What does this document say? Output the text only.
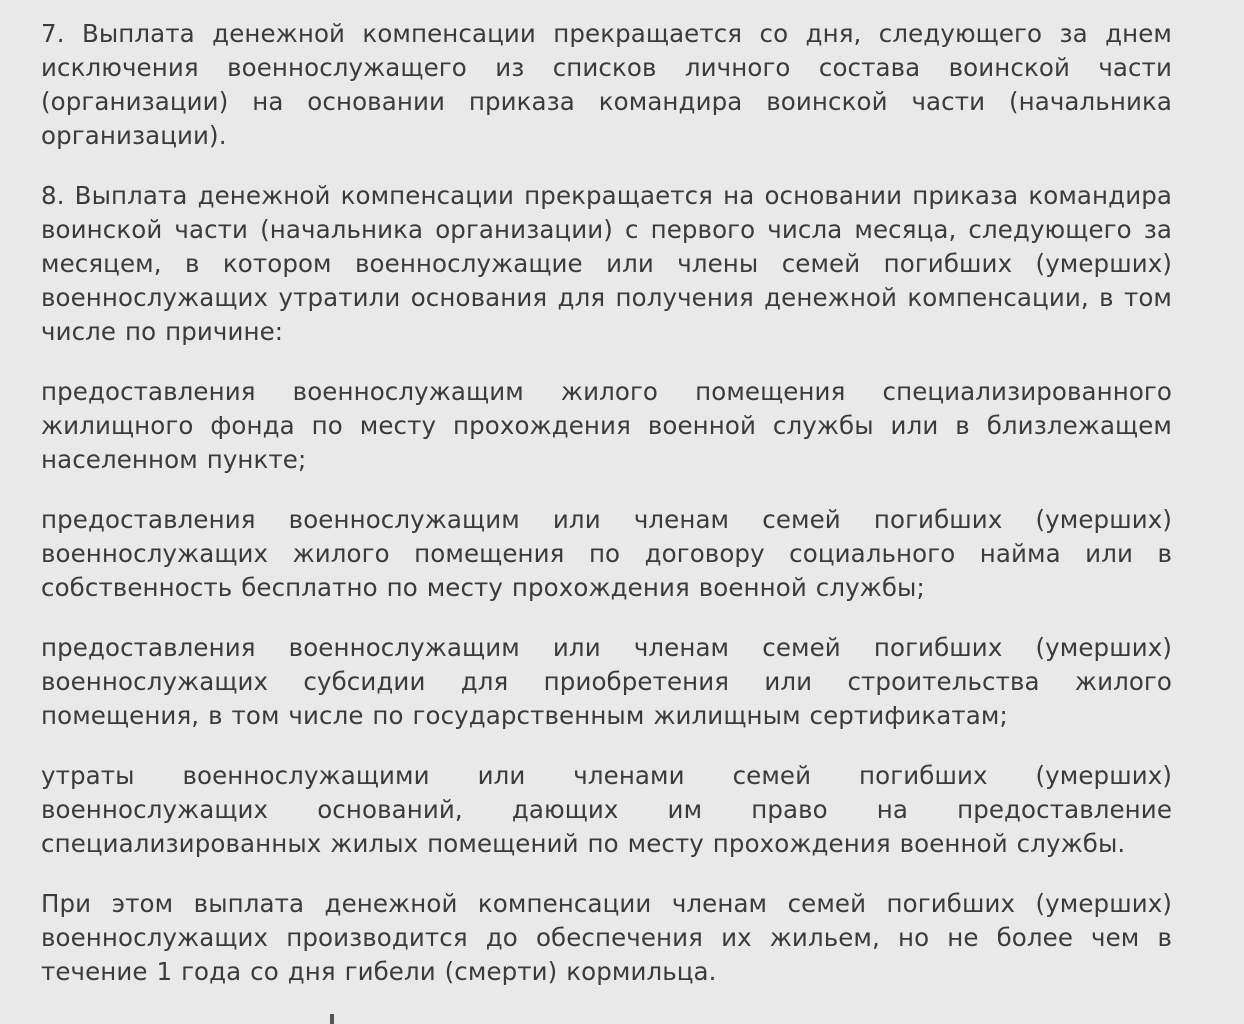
7. Выплата денежной компенсации прекращается со дня, следующего за днем исключения военнослужащего из списков личного состава воинской части (организации) на основании приказа командира воинской части (начальника организации).

8. Выплата денежной компенсации прекращается на основании приказа командира воинской части (начальника организации) с первого числа месяца, следующего за месяцем, в котором военнослужащие или члены семей погибших (умерших) военнослужащих утратили основания для получения денежной компенсации, в том числе по причине:

предоставления военнослужащим жилого помещения специализированного жилищного фонда по месту прохождения военной службы или в близлежащем населенном пункте;

предоставления военнослужащим или членам семей погибших (умерших) военнослужащих жилого помещения по договору социального найма или в собственность бесплатно по месту прохождения военной службы;

предоставления военнослужащим или членам семей погибших (умерших) военнослужащих субсидии для приобретения или строительства жилого помещения, в том числе по государственным жилищным сертификатам;

утраты военнослужащими или членами семей погибших (умерших) военнослужащих оснований, дающих им право на предоставление специализированных жилых помещений по месту прохождения военной службы.

При этом выплата денежной компенсации членам семей погибших (умерших) военнослужащих производится до обеспечения их жильем, но не более чем в течение 1 года со дня гибели (смерти) кормильца.
